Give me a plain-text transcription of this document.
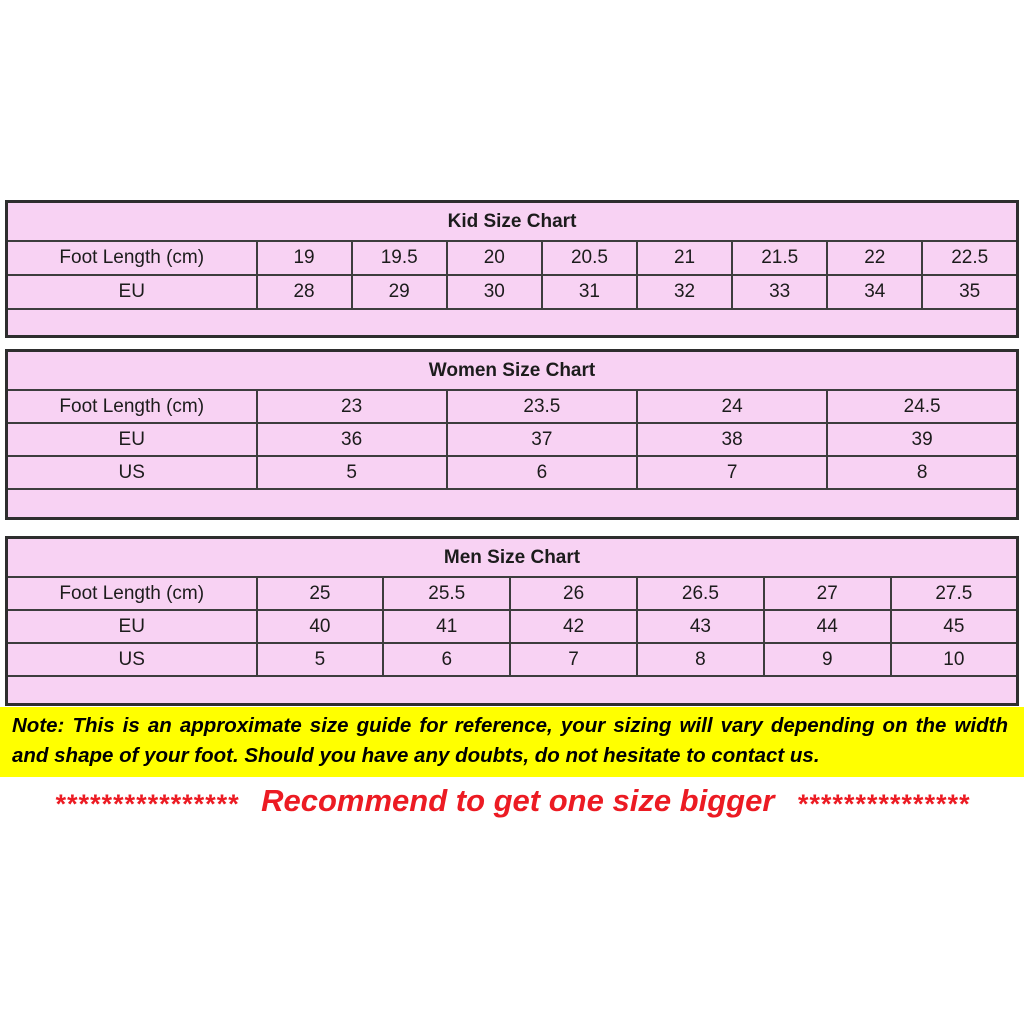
Kid Size Chart								
Foot Length (cm)	19	19.5	20	20.5	21	21.5	22	22.5
EU	28	29	30	31	32	33	34	35

Women Size Chart				
Foot Length (cm)	23	23.5	24	24.5
EU	36	37	38	39
US	5	6	7	8

Men Size Chart						
Foot Length (cm)	25	25.5	26	26.5	27	27.5
EU	40	41	42	43	44	45
US	5	6	7	8	9	10

Note: This is an approximate size guide for reference, your sizing will vary depending on the width
and shape of your foot. Should you have any doubts, do not hesitate to contact us.
**************** Recommend to get one size bigger ***************
